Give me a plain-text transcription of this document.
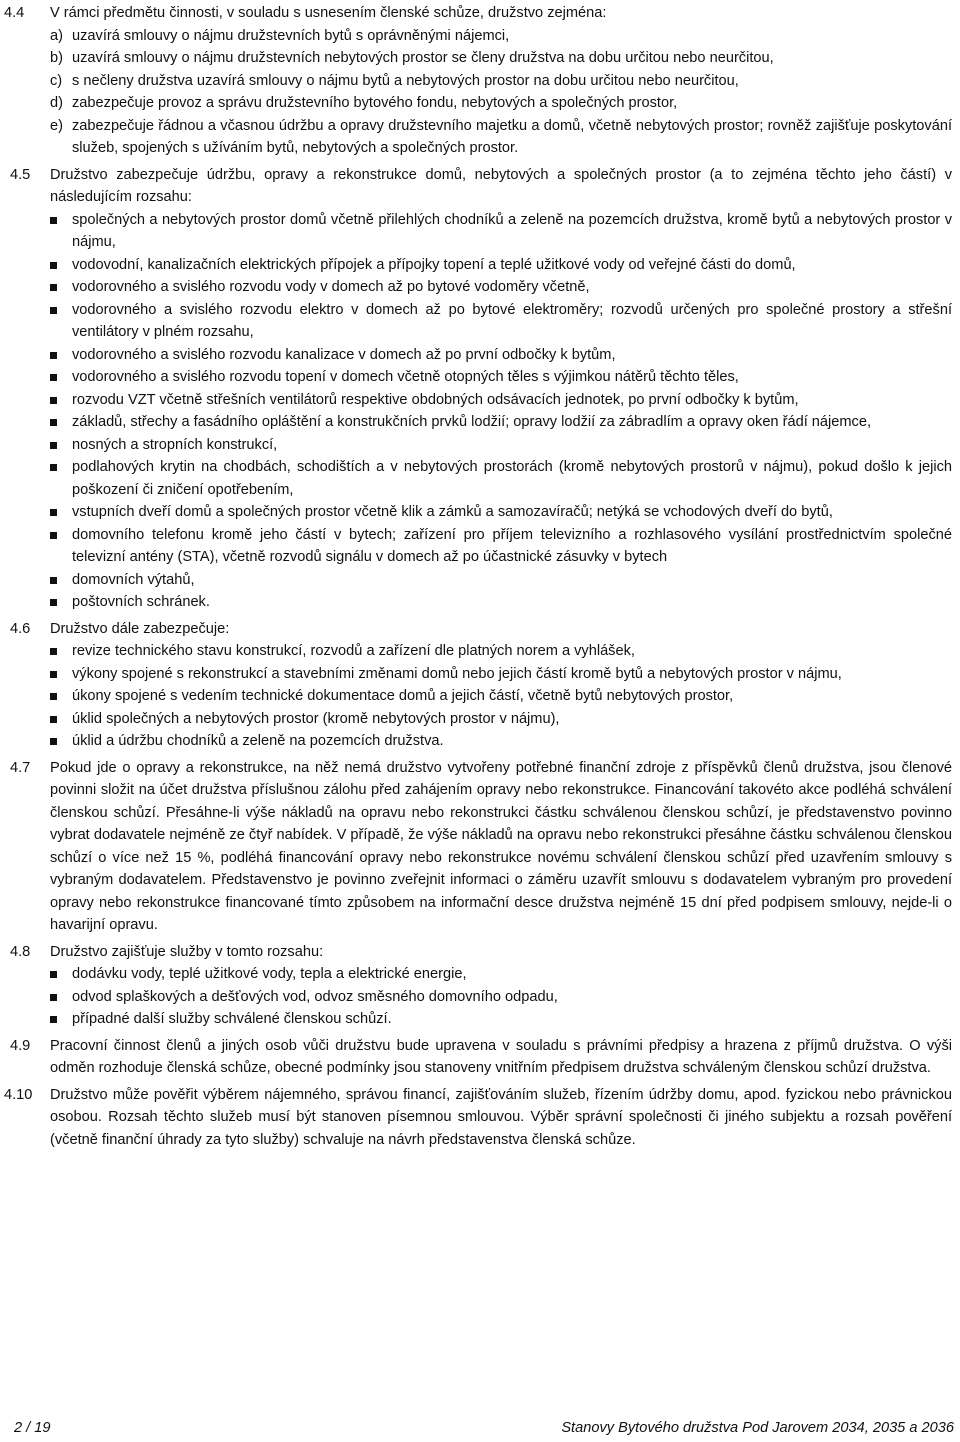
4.4	V rámci předmětu činnosti, v souladu s usnesením členské schůze, družstvo zejména:
a) uzavírá smlouvy o nájmu družstevních bytů s oprávněnými nájemci,
b) uzavírá smlouvy o nájmu družstevních nebytových prostor se členy družstva na dobu určitou nebo neurčitou,
c) s nečleny družstva uzavírá smlouvy o nájmu bytů a nebytových prostor na dobu určitou nebo neurčitou,
d) zabezpečuje provoz a správu družstevního bytového fondu, nebytových a společných prostor,
e) zabezpečuje řádnou a včasnou údržbu a opravy družstevního majetku a domů, včetně nebytových prostor; rovněž zajišťuje poskytování služeb, spojených s užíváním bytů, nebytových a společných prostor.
4.5	Družstvo zabezpečuje údržbu, opravy a rekonstrukce domů, nebytových a společných prostor (a to zejména těchto jeho částí) v následujícím rozsahu:
společných a nebytových prostor domů včetně přilehlých chodníků a zeleně na pozemcích družstva, kromě bytů a nebytových prostor v nájmu,
vodovodní, kanalizačních elektrických přípojek a přípojky topení a teplé užitkové vody od veřejné části do domů,
vodorovného a svislého rozvodu vody v domech až po bytové vodoměry včetně,
vodorovného a svislého rozvodu elektro v domech až po bytové elektroměry; rozvodů určených pro společné prostory a střešní ventilátory v plném rozsahu,
vodorovného a svislého rozvodu kanalizace v domech až po první odbočky k bytům,
vodorovného a svislého rozvodu topení v domech včetně otopných těles s výjimkou nátěrů těchto těles,
rozvodu VZT včetně střešních ventilátorů respektive obdobných odsávacích jednotek, po první odbočky k bytům,
základů, střechy a fasádního opláštění a konstrukčních prvků lodžií; opravy lodžií za zábradlím a opravy oken řádí nájemce,
nosných a stropních konstrukcí,
podlahových krytin na chodbách, schodištích a v nebytových prostorách (kromě nebytových prostorů v nájmu), pokud došlo k jejich poškození či zničení opotřebením,
vstupních dveří domů a společných prostor včetně klik a zámků a samozavíračů; netýká se vchodových dveří do bytů,
domovního telefonu kromě jeho částí v bytech; zařízení pro příjem televizního a rozhlasového vysílání prostřednictvím společné televizní antény (STA), včetně rozvodů signálu v domech až po účastnické zásuvky v bytech
domovních výtahů,
poštovních schránek.
4.6	Družstvo dále zabezpečuje:
revize technického stavu konstrukcí, rozvodů a zařízení dle platných norem a vyhlášek,
výkony spojené s rekonstrukcí a stavebními změnami domů nebo jejich částí kromě bytů a nebytových prostor v nájmu,
úkony spojené s vedením technické dokumentace domů a jejich částí, včetně bytů nebytových prostor,
úklid společných a nebytových prostor (kromě nebytových prostor v nájmu),
úklid a údržbu chodníků a zeleně na pozemcích družstva.
4.7	Pokud jde o opravy a rekonstrukce, na něž nemá družstvo vytvořeny potřebné finanční zdroje z příspěvků členů družstva, jsou členové povinni složit na účet družstva příslušnou zálohu před zahájením opravy nebo rekonstrukce. Financování takovéto akce podléhá schválení členskou schůzí. Přesáhne-li výše nákladů na opravu nebo rekonstrukci částku schválenou členskou schůzí, je představenstvo povinno vybrat dodavatele nejméně ze čtyř nabídek. V případě, že výše nákladů na opravu nebo rekonstrukci přesáhne částku schválenou členskou schůzí o více než 15 %, podléhá financování opravy nebo rekonstrukce novému schválení členskou schůzí před uzavřením smlouvy s vybraným dodavatelem. Představenstvo je povinno zveřejnit informaci o záměru uzavřít smlouvu s dodavatelem vybraným pro provedení opravy nebo rekonstrukce financované tímto způsobem na informační desce družstva nejméně 15 dní před podpisem smlouvy, nejde-li o havarijní opravu.
4.8	Družstvo zajišťuje služby v tomto rozsahu:
dodávku vody, teplé užitkové vody, tepla a elektrické energie,
odvod splaškových a dešťových vod, odvoz směsného domovního odpadu,
případné další služby schválené členskou schůzí.
4.9	Pracovní činnost členů a jiných osob vůči družstvu bude upravena v souladu s právními předpisy a hrazena z příjmů družstva. O výši odměn rozhoduje členská schůze, obecné podmínky jsou stanoveny vnitřním předpisem družstva schváleným členskou schůzí družstva.
4.10	Družstvo může pověřit výběrem nájemného, správou financí, zajišťováním služeb, řízením údržby domu, apod. fyzickou nebo právnickou osobou. Rozsah těchto služeb musí být stanoven písemnou smlouvou. Výběr správní společnosti či jiného subjektu a rozsah pověření (včetně finanční úhrady za tyto služby) schvaluje na návrh představenstva členská schůze.
2 / 19	Stanovy Bytového družstva Pod Jarovem 2034, 2035 a 2036
